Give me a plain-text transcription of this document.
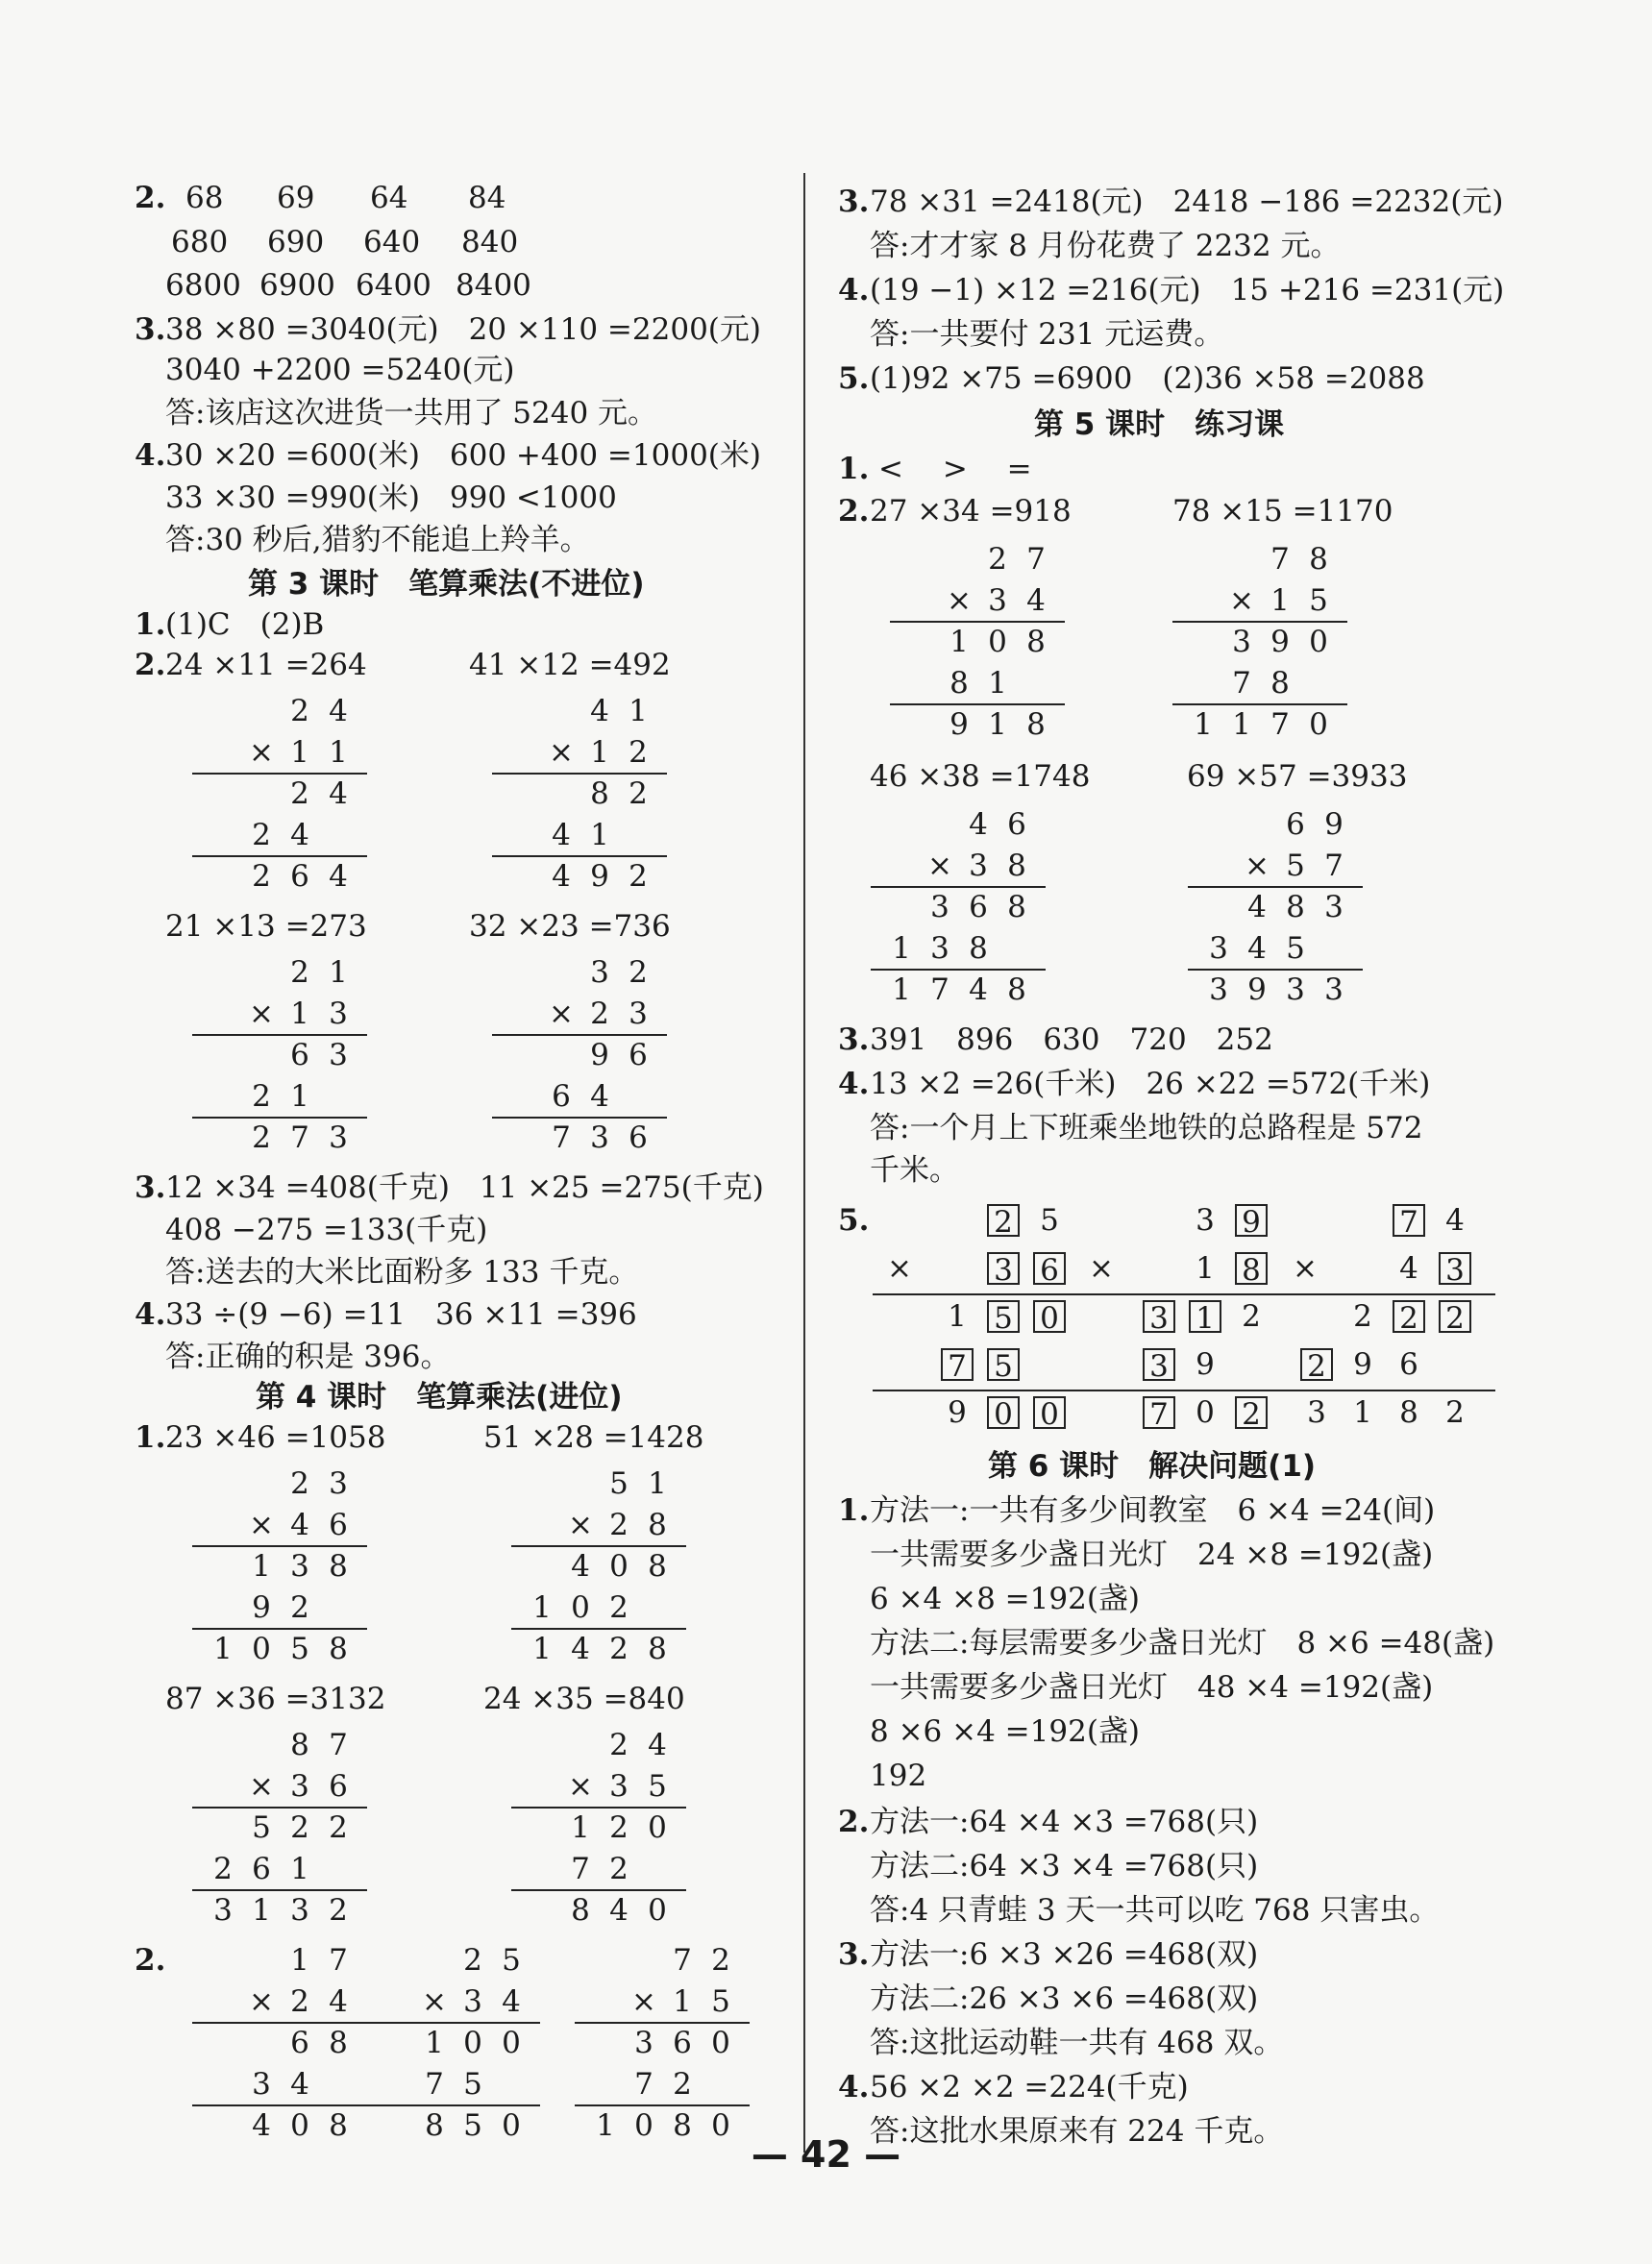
2. 68 69 64 84
680 690 640 840
6800 6900 6400 8400
3. 38 ×80 =3040(元)　20 ×110 =2200(元)
3040 +2200 =5240(元)
答:该店这次进货一共用了 5240 元。
4. 30 ×20 =600(米)　600 +400 =1000(米)
33 ×30 =990(米)　990 <1000
答:30 秒后,猎豹不能追上羚羊。
第 3 课时　笔算乘法(不进位)
1. (1)C　(2)B
2. 24 ×11 =264	41 ×12 =492
2 4
× 1 1
2 4
2 4
2 6 4
4 1
× 1 2
8 2
4 1
4 9 2
21 ×13 =273	32 ×23 =736
2 1
× 1 3
6 3
2 1
2 7 3
3 2
× 2 3
9 6
6 4
7 3 6
3. 12 ×34 =408(千克)　11 ×25 =275(千克)
408 −275 =133(千克)
答:送去的大米比面粉多 133 千克。
4. 33 ÷(9 −6) =11　36 ×11 =396
答:正确的积是 396。
第 4 课时　笔算乘法(进位)
1. 23 ×46 =1058	51 ×28 =1428
2 3
× 4 6
1 3 8
9 2
1 0 5 8
5 1
× 2 8
4 0 8
1 0 2
1 4 2 8
87 ×36 =3132	24 ×35 =840
8 7
× 3 6
5 2 2
2 6 1
3 1 3 2
2 4
× 3 5
1 2 0
7 2
8 4 0
2.	1 7
× 2 4
6 8
3 4
4 0 8
2 5
× 3 4
1 0 0
7 5
8 5 0
7 2
× 1 5
3 6 0
7 2
1 0 8 0
3. 78 ×31 =2418(元)　2418 −186 =2232(元)
答:才才家 8 月份花费了 2232 元。
4. (19 −1) ×12 =216(元)　15 +216 =231(元)
答:一共要付 231 元运费。
5. (1)92 ×75 =6900　(2)36 ×58 =2088
第 5 课时　练习课
1. <　 >　 =
2. 27 ×34 =918	78 ×15 =1170
2 7
× 3 4
1 0 8
8 1
9 1 8
7 8
× 1 5
3 9 0
7 8
1 1 7 0
46 ×38 =1748	69 ×57 =3933
4 6
× 3 8
3 6 8
1 3 8
1 7 4 8
6 9
× 5 7
4 8 3
3 4 5
3 9 3 3
3. 391　896　630　720　252
4. 13 ×2 =26(千米)　26 ×22 =572(千米)
答:一个月上下班乘坐地铁的总路程是 572
千米。
5.	2 5
×	3 6
1 5 0
7 5
9 0 0
3 9
×	1 8
3 1 2
3 9
7 0 2
7 4
×	4 3
2 2 2
2 9 6
3 1 8 2
第 6 课时　解决问题(1)
1. 方法一:一共有多少间教室　6 ×4 =24(间)
一共需要多少盏日光灯　24 ×8 =192(盏)
6 ×4 ×8 =192(盏)
方法二:每层需要多少盏日光灯　8 ×6 =48(盏)
一共需要多少盏日光灯　48 ×4 =192(盏)
8 ×6 ×4 =192(盏)
192
2. 方法一:64 ×4 ×3 =768(只)
方法二:64 ×3 ×4 =768(只)
答:4 只青蛙 3 天一共可以吃 768 只害虫。
3. 方法一:6 ×3 ×26 =468(双)
方法二:26 ×3 ×6 =468(双)
答:这批运动鞋一共有 468 双。
4. 56 ×2 ×2 =224(千克)
答:这批水果原来有 224 千克。
— 42 —
